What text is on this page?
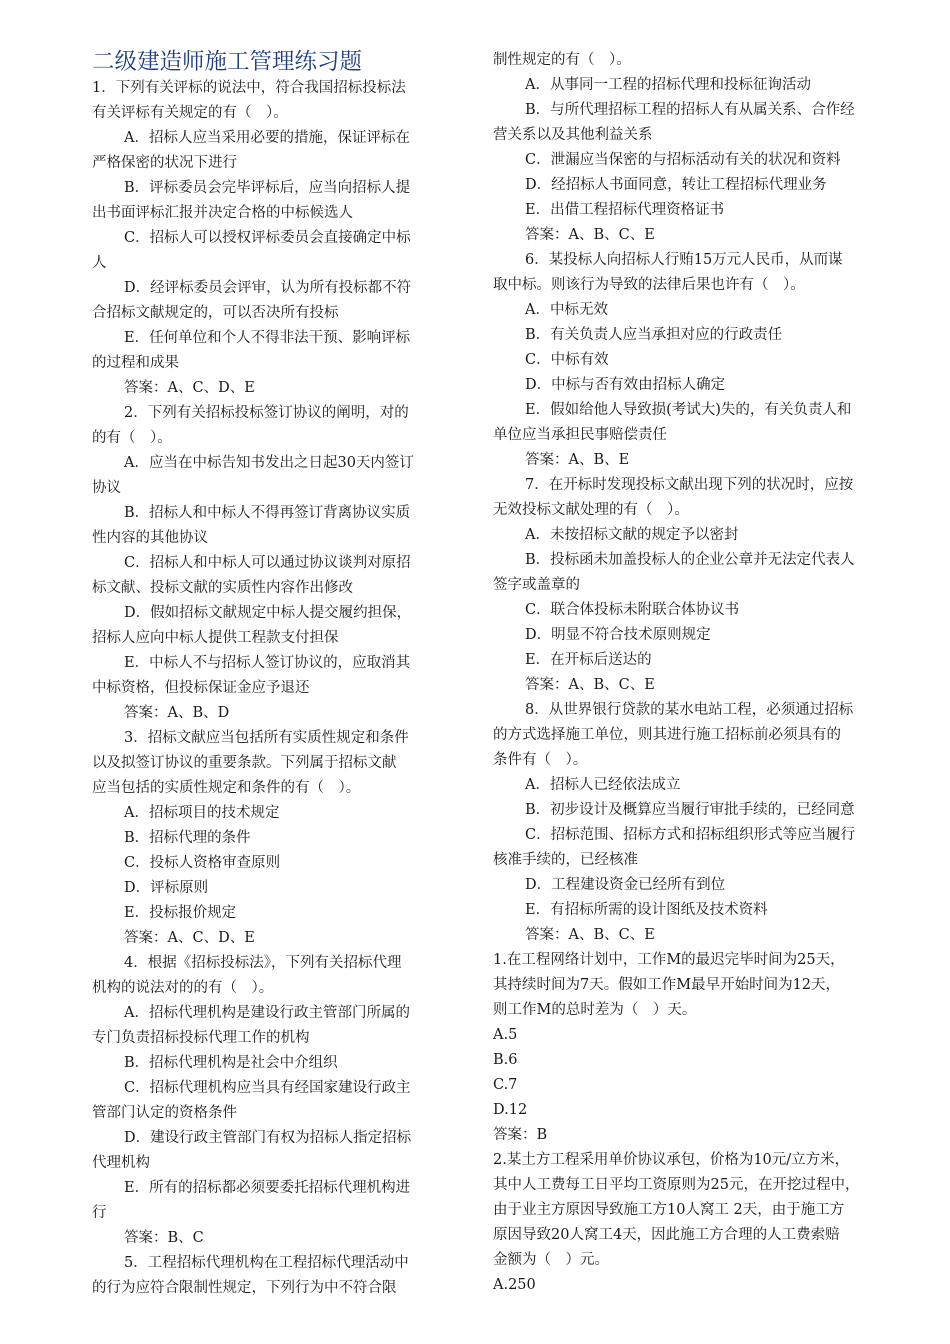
二级建造师施工管理练习题
1．下列有关评标的说法中，符合我国招标投标法
有关评标有关规定的有（　）。
A．招标人应当采用必要的措施，保证评标在
严格保密的状况下进行
B．评标委员会完毕评标后，应当向招标人提
出书面评标汇报并决定合格的中标候选人
C．招标人可以授权评标委员会直接确定中标
人
D．经评标委员会评审，认为所有投标都不符
合招标文献规定的，可以否决所有投标
E．任何单位和个人不得非法干预、影响评标
的过程和成果
答案：A、C、D、E
2．下列有关招标投标签订协议的阐明，对的
的有（　）。
A．应当在中标告知书发出之日起30天内签订
协议
B．招标人和中标人不得再签订背离协议实质
性内容的其他协议
C．招标人和中标人可以通过协议谈判对原招
标文献、投标文献的实质性内容作出修改
D．假如招标文献规定中标人提交履约担保，
招标人应向中标人提供工程款支付担保
E．中标人不与招标人签订协议的，应取消其
中标资格，但投标保证金应予退还
答案：A、B、D
3．招标文献应当包括所有实质性规定和条件
以及拟签订协议的重要条款。下列属于招标文献
应当包括的实质性规定和条件的有（　）。
A．招标项目的技术规定
B．招标代理的条件
C．投标人资格审查原则
D．评标原则
E．投标报价规定
答案：A、C、D、E
4．根据《招标投标法》，下列有关招标代理
机构的说法对的的有（　）。
A．招标代理机构是建设行政主管部门所属的
专门负责招标投标代理工作的机构
B．招标代理机构是社会中介组织
C．招标代理机构应当具有经国家建设行政主
管部门认定的资格条件
D．建设行政主管部门有权为招标人指定招标
代理机构
E．所有的招标都必须要委托招标代理机构进
行
答案：B、C
5．工程招标代理机构在工程招标代理活动中
的行为应符合限制性规定，下列行为中不符合限
制性规定的有（　）。
A．从事同一工程的招标代理和投标征询活动
B．与所代理招标工程的招标人有从属关系、合作经
营关系以及其他利益关系
C．泄漏应当保密的与招标活动有关的状况和资料
D．经招标人书面同意，转让工程招标代理业务
E．出借工程招标代理资格证书
答案：A、B、C、E
6．某投标人向招标人行贿15万元人民币，从而谋
取中标。则该行为导致的法律后果也许有（　）。
A．中标无效
B．有关负责人应当承担对应的行政责任
C．中标有效
D．中标与否有效由招标人确定
E．假如给他人导致损(考试大)失的，有关负责人和
单位应当承担民事赔偿责任
答案：A、B、E
7．在开标时发现投标文献出现下列的状况时，应按
无效投标文献处理的有（　）。
A．未按招标文献的规定予以密封
B．投标函未加盖投标人的企业公章并无法定代表人
签字或盖章的
C．联合体投标未附联合体协议书
D．明显不符合技术原则规定
E．在开标后送达的
答案：A、B、C、E
8．从世界银行贷款的某水电站工程，必须通过招标
的方式选择施工单位，则其进行施工招标前必须具有的
条件有（　）。
A．招标人已经依法成立
B．初步设计及概算应当履行审批手续的，已经同意
C．招标范围、招标方式和招标组织形式等应当履行
核准手续的，已经核准
D．工程建设资金已经所有到位
E．有招标所需的设计图纸及技术资料
答案：A、B、C、E
1.在工程网络计划中，工作M的最迟完毕时间为25天，
其持续时间为7天。假如工作M最早开始时间为12天，
则工作M的总时差为（　）天。
A.5
B.6
C.7
D.12
答案：B
2.某土方工程采用单价协议承包，价格为10元/立方米，
其中人工费每工日平均工资原则为25元，在开挖过程中，
由于业主方原因导致施工方10人窝工 2天，由于施工方
原因导致20人窝工4天，因此施工方合理的人工费索赔
金额为（　）元。
A.250
